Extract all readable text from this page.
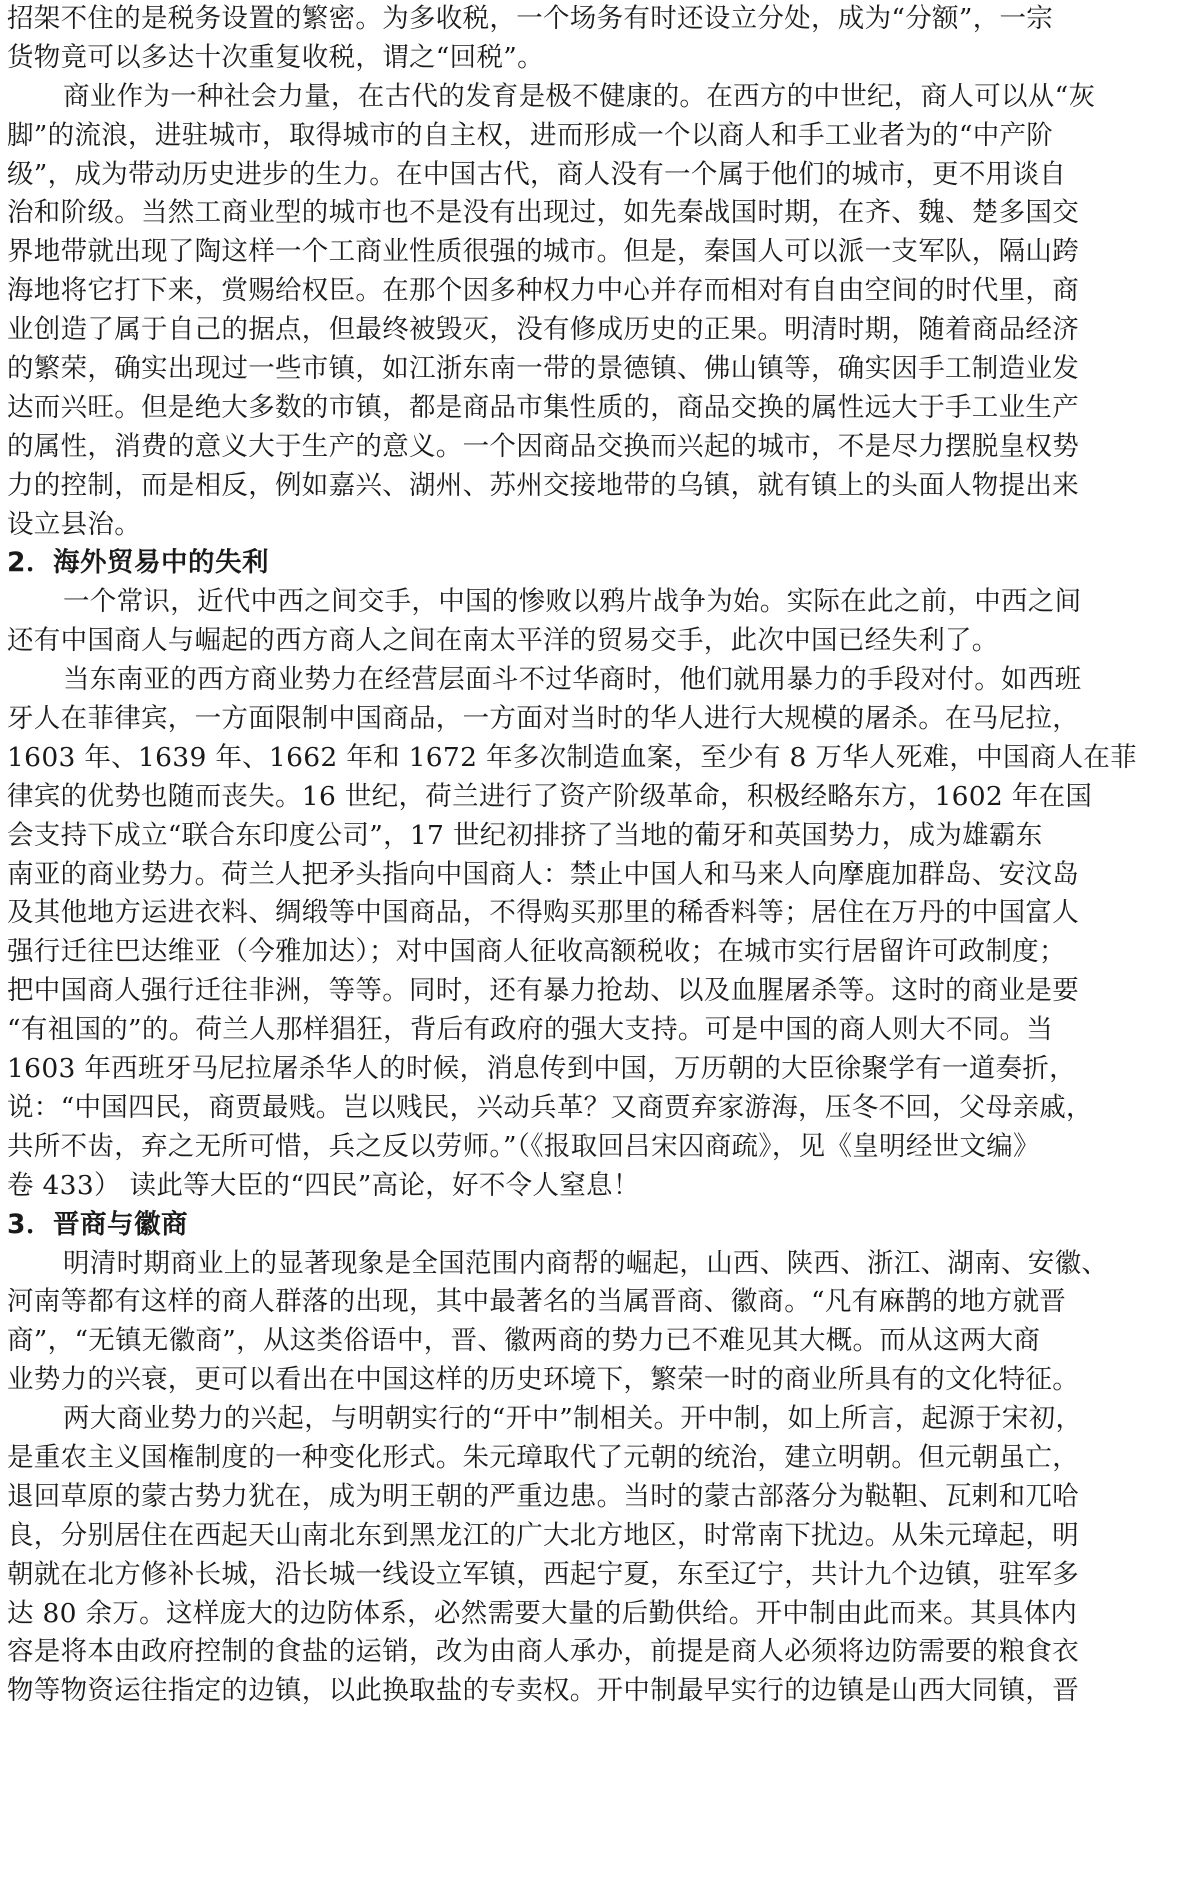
招架不住的是税务设置的繁密。为多收税，一个场务有时还设立分处，成为“分额”，一宗
货物竟可以多达十次重复收税，谓之“回税”。
商业作为一种社会力量，在古代的发育是极不健康的。在西方的中世纪，商人可以从“灰
脚”的流浪，进驻城市，取得城市的自主权，进而形成一个以商人和手工业者为的“中产阶
级”，成为带动历史进步的生力。在中国古代，商人没有一个属于他们的城市，更不用谈自
治和阶级。当然工商业型的城市也不是没有出现过，如先秦战国时期，在齐、魏、楚多国交
界地带就出现了陶这样一个工商业性质很强的城市。但是，秦国人可以派一支军队，隔山跨
海地将它打下来，赏赐给权臣。在那个因多种权力中心并存而相对有自由空间的时代里，商
业创造了属于自己的据点，但最终被毁灭，没有修成历史的正果。明清时期，随着商品经济
的繁荣，确实出现过一些市镇，如江浙东南一带的景德镇、佛山镇等，确实因手工制造业发
达而兴旺。但是绝大多数的市镇，都是商品市集性质的，商品交换的属性远大于手工业生产
的属性，消费的意义大于生产的意义。一个因商品交换而兴起的城市，不是尽力摆脱皇权势
力的控制，而是相反，例如嘉兴、湖州、苏州交接地带的乌镇，就有镇上的头面人物提出来
设立县治。
2．海外贸易中的失利
一个常识，近代中西之间交手，中国的惨败以鸦片战争为始。实际在此之前，中西之间
还有中国商人与崛起的西方商人之间在南太平洋的贸易交手，此次中国已经失利了。
当东南亚的西方商业势力在经营层面斗不过华商时，他们就用暴力的手段对付。如西班
牙人在菲律宾，一方面限制中国商品，一方面对当时的华人进行大规模的屠杀。在马尼拉，
1603 年、1639 年、1662 年和 1672 年多次制造血案，至少有 8 万华人死难，中国商人在菲
律宾的优势也随而丧失。16 世纪，荷兰进行了资产阶级革命，积极经略东方，1602 年在国
会支持下成立“联合东印度公司”，17 世纪初排挤了当地的葡牙和英国势力，成为雄霸东
南亚的商业势力。荷兰人把矛头指向中国商人：禁止中国人和马来人向摩鹿加群岛、安汶岛
及其他地方运进衣料、绸缎等中国商品，不得购买那里的稀香料等；居住在万丹的中国富人
强行迁往巴达维亚（今雅加达）；对中国商人征收高额税收；在城市实行居留许可政制度；
把中国商人强行迁往非洲，等等。同时，还有暴力抢劫、以及血腥屠杀等。这时的商业是要
“有祖国的”的。荷兰人那样猖狂，背后有政府的强大支持。可是中国的商人则大不同。当
1603 年西班牙马尼拉屠杀华人的时候，消息传到中国，万历朝的大臣徐聚学有一道奏折，
说：“中国四民，商贾最贱。岂以贱民，兴动兵革？又商贾弃家游海，压冬不回，父母亲戚，
共所不齿，弃之无所可惜，兵之反以劳师。”（《报取回吕宋囚商疏》，见《皇明经世文编》
卷 433） 读此等大臣的“四民”高论，好不令人窒息！
3．晋商与徽商
明清时期商业上的显著现象是全国范围内商帮的崛起，山西、陕西、浙江、湖南、安徽、
河南等都有这样的商人群落的出现，其中最著名的当属晋商、徽商。“凡有麻鹊的地方就晋
商”，“无镇无徽商”，从这类俗语中，晋、徽两商的势力已不难见其大概。而从这两大商
业势力的兴衰，更可以看出在中国这样的历史环境下，繁荣一时的商业所具有的文化特征。
两大商业势力的兴起，与明朝实行的“开中”制相关。开中制，如上所言，起源于宋初，
是重农主义国権制度的一种变化形式。朱元璋取代了元朝的统治，建立明朝。但元朝虽亡，
退回草原的蒙古势力犹在，成为明王朝的严重边患。当时的蒙古部落分为鞑靼、瓦剌和兀哈
良，分别居住在西起天山南北东到黑龙江的广大北方地区，时常南下扰边。从朱元璋起，明
朝就在北方修补长城，沿长城一线设立军镇，西起宁夏，东至辽宁，共计九个边镇，驻军多
达 80 余万。这样庞大的边防体系，必然需要大量的后勤供给。开中制由此而来。其具体内
容是将本由政府控制的食盐的运销，改为由商人承办，前提是商人必须将边防需要的粮食衣
物等物资运往指定的边镇，以此换取盐的专卖权。开中制最早实行的边镇是山西大同镇，晋
